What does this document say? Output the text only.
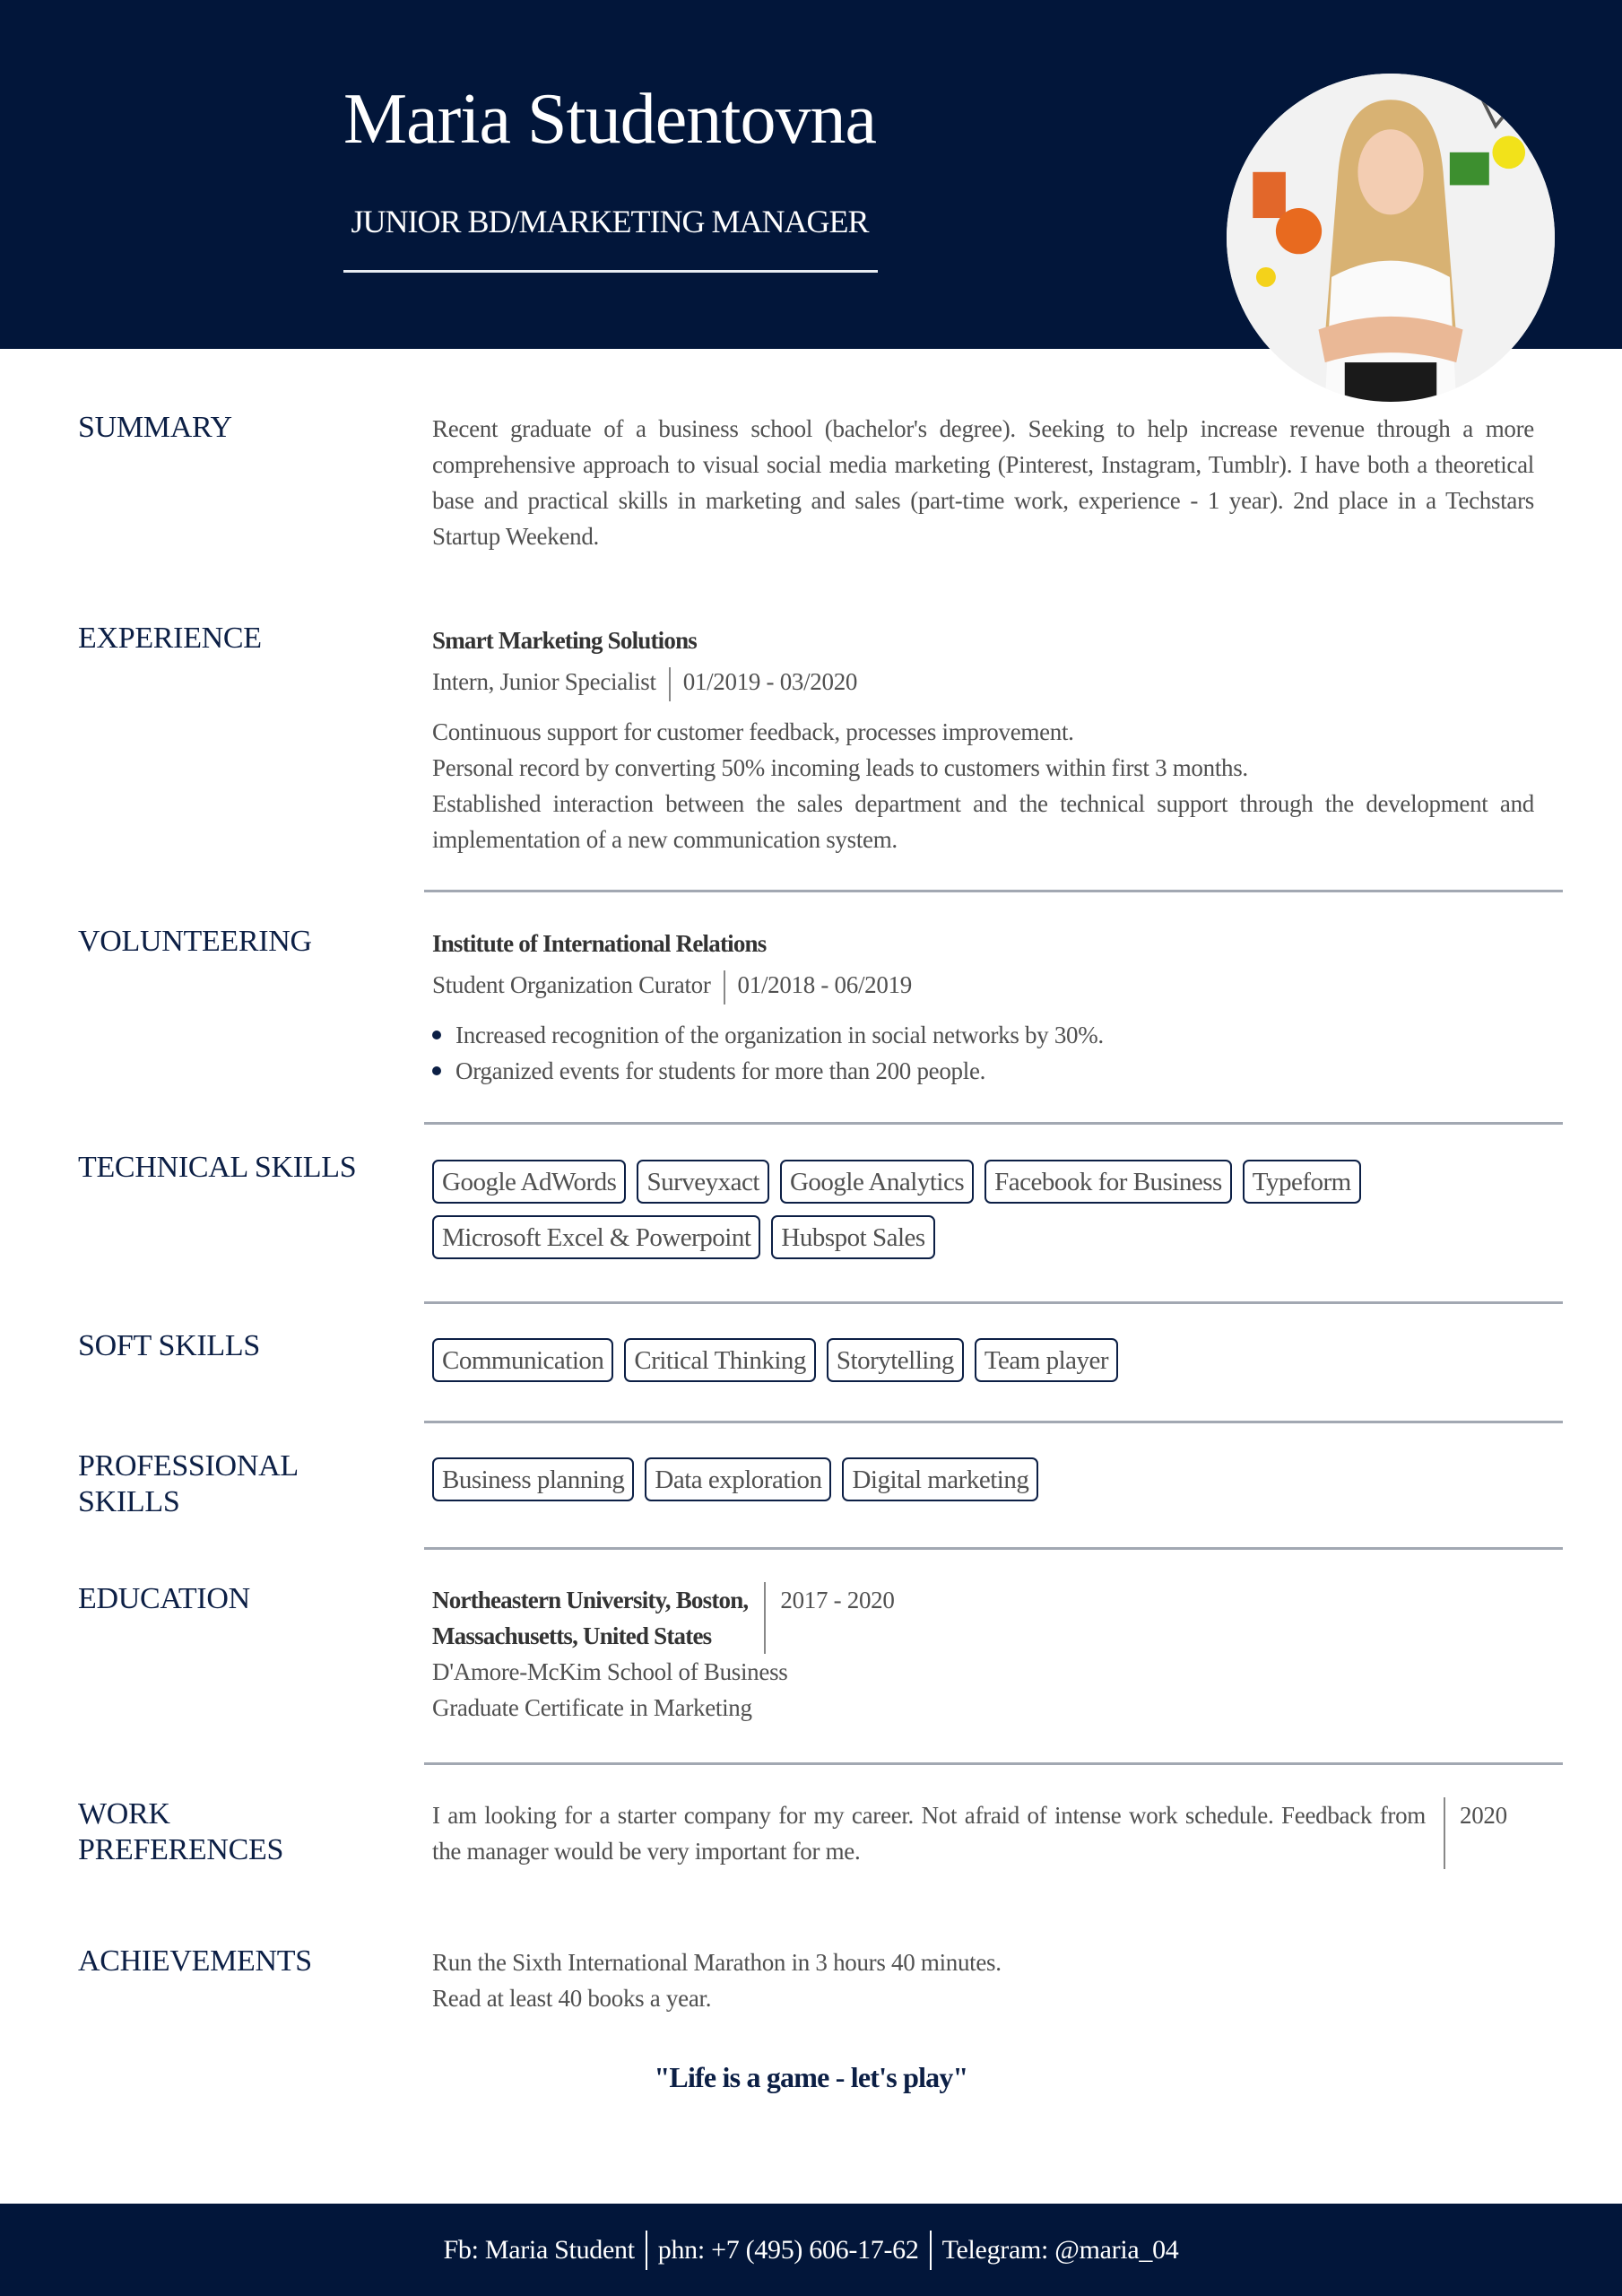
Maria Studentovna
JUNIOR BD/MARKETING MANAGER
SUMMARY	Recent graduate of a business school (bachelor's degree). Seeking to help increase revenue through a more comprehensive approach to visual social media marketing (Pinterest, Instagram, Tumblr). I have both a theoretical base and practical skills in marketing and sales (part-time work, experience - 1 year). 2nd place in a Techstars Startup Weekend.
EXPERIENCE	Smart Marketing Solutions
Intern, Junior Specialist 01/2019 - 03/2020
Continuous support for customer feedback, processes improvement.
Personal record by converting 50% incoming leads to customers within first 3 months.
Established interaction between the sales department and the technical support through the development and implementation of a new communication system.
VOLUNTEERING	Institute of International Relations
Student Organization Curator 01/2018 - 06/2019
Increased recognition of the organization in social networks by 30%.
Organized events for students for more than 200 people.
TECHNICAL SKILLS	Google AdWords	Surveyxact	Google Analytics	Facebook for Business	Typeform
Microsoft Excel & Powerpoint	Hubspot Sales
SOFT SKILLS	Communication	Critical Thinking	Storytelling	Team player
PROFESSIONAL
SKILLS
Business planning	Data exploration	Digital marketing
EDUCATION	Northeastern University, Boston,
Massachusetts, United States
2017 - 2020
D'Amore-McKim School of Business
Graduate Certificate in Marketing
WORK
PREFERENCES
I am looking for a starter company for my career. Not afraid of intense work schedule. Feedback from the manager would be very important for me.
2020
ACHIEVEMENTS	Run the Sixth International Marathon in 3 hours 40 minutes.
Read at least 40 books a year.
"Life is a game - let's play"
Fb: Maria Student phn: +7 (495) 606-17-62 Telegram: @maria_04
